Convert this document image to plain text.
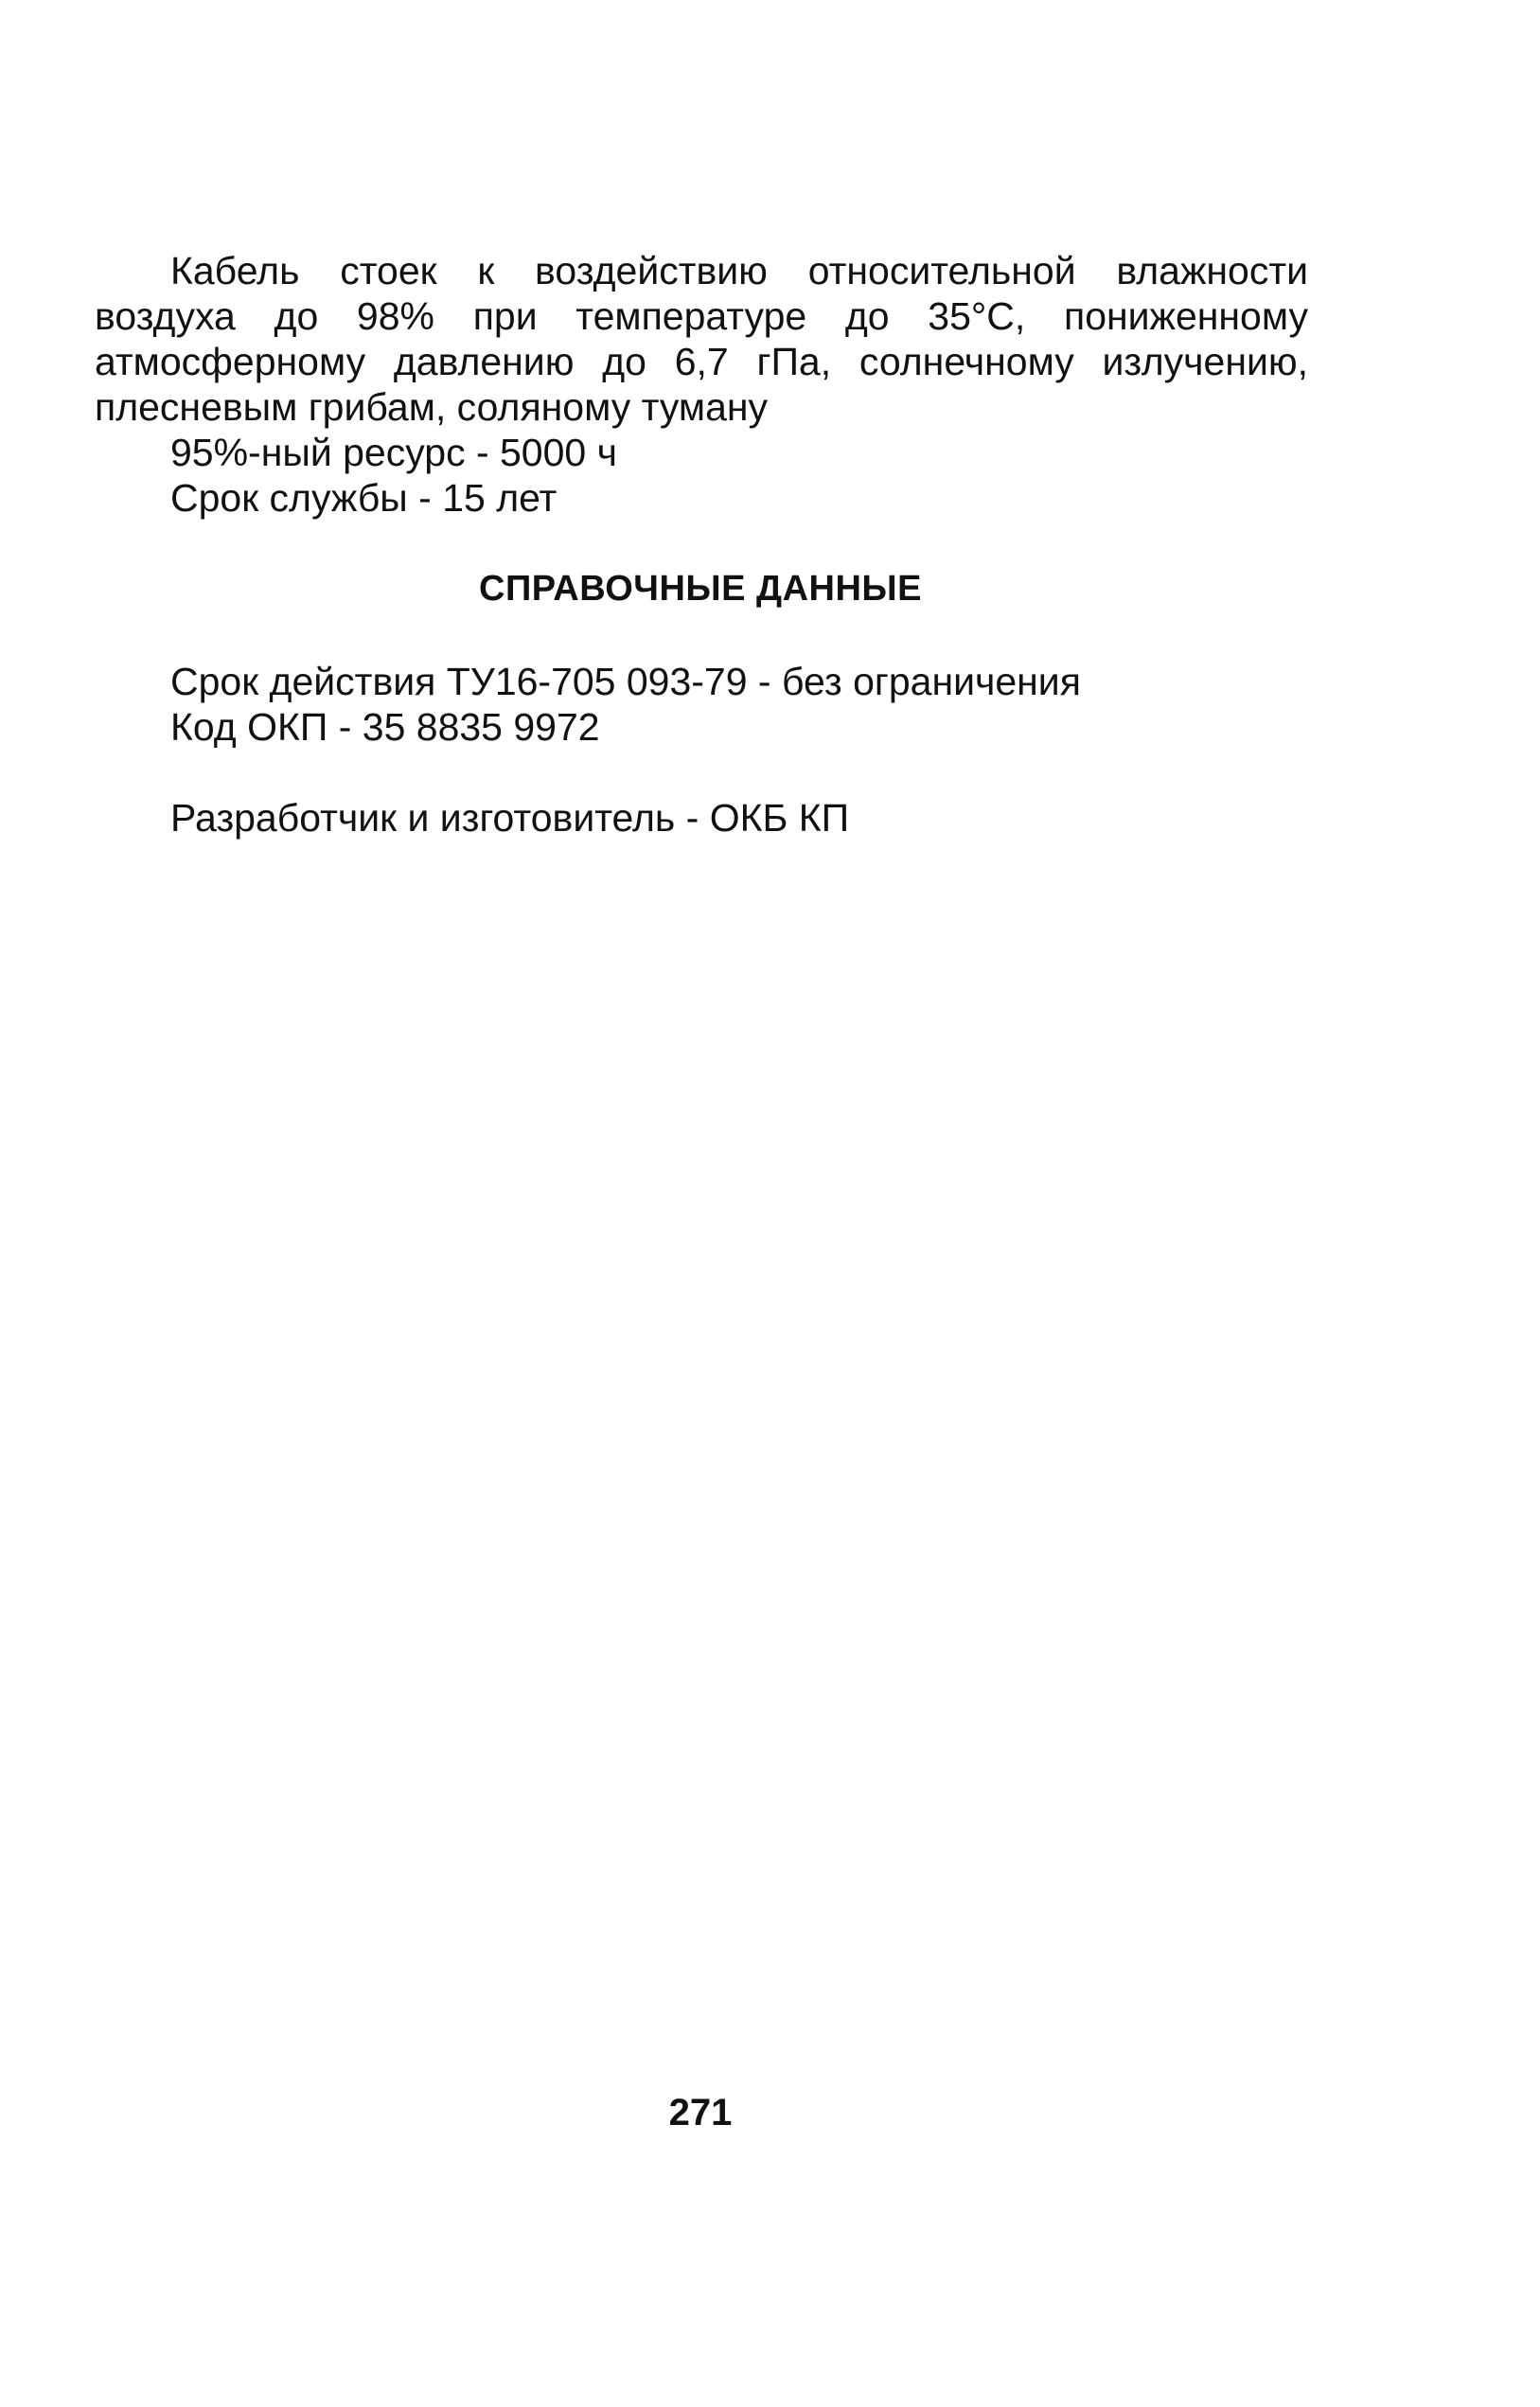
Кабель стоек к воздействию относительной влажности воздуха до 98% при температуре до 35°С, пониженному атмосферному давлению до 6,7 гПа, солнечному излучению, плесневым грибам, соляному туману

95%-ный ресурс - 5000 ч

Срок службы - 15 лет

СПРАВОЧНЫЕ ДАННЫЕ

Срок действия ТУ16-705 093-79 - без ограничения

Код ОКП - 35 8835 9972

Разработчик и изготовитель - ОКБ КП

271
